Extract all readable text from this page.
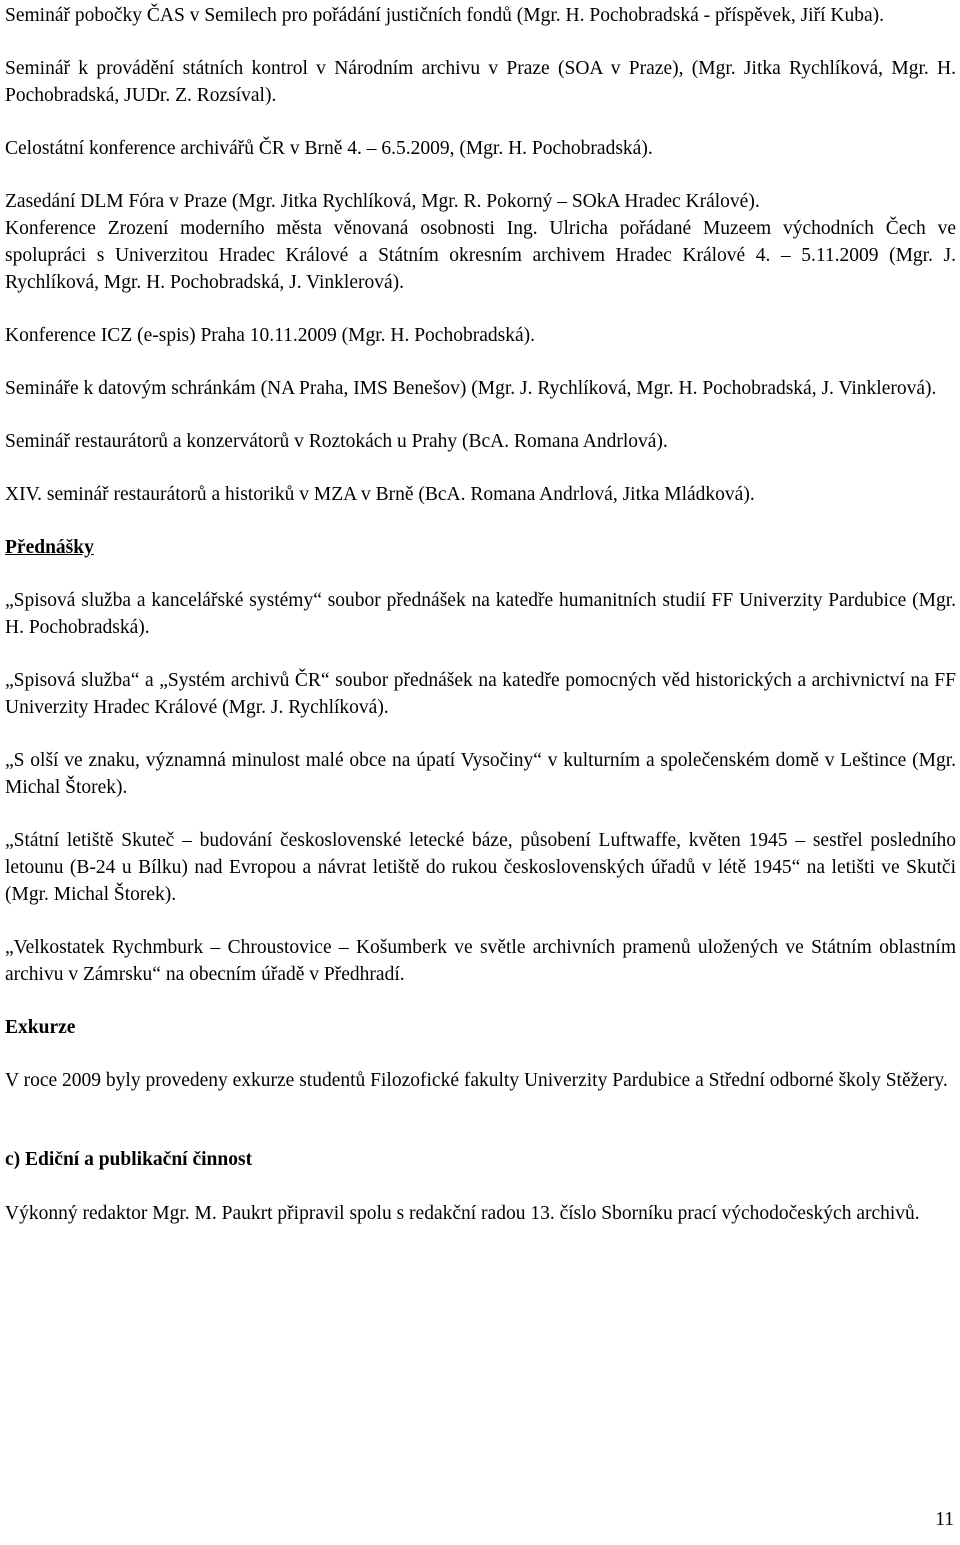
Seminář pobočky ČAS v Semilech pro pořádání justičních fondů (Mgr. H. Pochobradská - příspěvek, Jiří Kuba).

Seminář k provádění státních kontrol v Národním archivu v Praze (SOA v Praze), (Mgr. Jitka Rychlíková, Mgr. H. Pochobradská, JUDr. Z. Rozsíval).

Celostátní konference archivářů ČR v Brně 4. – 6.5.2009, (Mgr. H. Pochobradská).

Zasedání DLM Fóra v Praze (Mgr. Jitka Rychlíková, Mgr. R. Pokorný – SOkA Hradec Králové).

Konference Zrození moderního města věnovaná osobnosti Ing. Ulricha pořádané Muzeem východních Čech ve spolupráci s Univerzitou Hradec Králové a Státním okresním archivem Hradec Králové 4. – 5.11.2009 (Mgr. J. Rychlíková, Mgr. H. Pochobradská, J. Vinklerová).

Konference ICZ (e-spis) Praha 10.11.2009 (Mgr. H. Pochobradská).

Semináře k datovým schránkám (NA Praha, IMS Benešov) (Mgr. J. Rychlíková, Mgr. H. Pochobradská, J. Vinklerová).

Seminář restaurátorů a konzervátorů v Roztokách u Prahy (BcA. Romana Andrlová).

XIV. seminář restaurátorů a historiků v MZA v Brně (BcA. Romana Andrlová, Jitka Mládková).

Přednášky

„Spisová služba a kancelářské systémy“ soubor přednášek na katedře humanitních studií FF Univerzity Pardubice (Mgr. H. Pochobradská).

„Spisová služba“ a „Systém archivů ČR“ soubor přednášek na katedře pomocných věd historických a archivnictví na FF Univerzity Hradec Králové (Mgr. J. Rychlíková).

„S olší ve znaku, významná minulost malé obce na úpatí Vysočiny“ v kulturním a společenském domě v Leštince (Mgr. Michal Štorek).

„Státní letiště Skuteč – budování československé letecké báze, působení Luftwaffe, květen 1945 – sestřel posledního letounu (B-24 u Bílku) nad Evropou a návrat letiště do rukou československých úřadů v létě 1945“ na letišti ve Skutči (Mgr. Michal Štorek).

„Velkostatek Rychmburk – Chroustovice – Košumberk ve světle archivních pramenů uložených ve Státním oblastním archivu v Zámrsku“ na obecním úřadě v Předhradí.

Exkurze

V roce 2009 byly provedeny exkurze studentů Filozofické fakulty Univerzity Pardubice a Střední odborné školy Stěžery.

c) Ediční a publikační činnost

Výkonný redaktor Mgr. M. Paukrt připravil spolu s redakční radou 13. číslo Sborníku prací východočeských archivů.

11
